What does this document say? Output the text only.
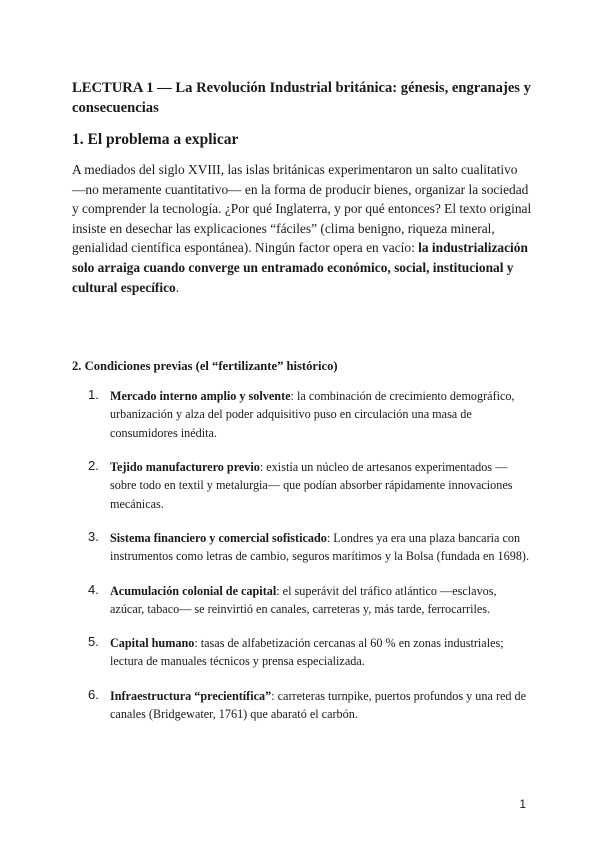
LECTURA 1 — La Revolución Industrial británica: génesis, engranajes y consecuencias

1. El problema a explicar

A mediados del siglo XVIII, las islas británicas experimentaron un salto cualitativo —no meramente cuantitativo— en la forma de producir bienes, organizar la sociedad y comprender la tecnología. ¿Por qué Inglaterra, y por qué entonces? El texto original insiste en desechar las explicaciones “fáciles” (clima benigno, riqueza mineral, genialidad científica espontánea). Ningún factor opera en vacío: la industrialización solo arraiga cuando converge un entramado económico, social, institucional y cultural específico.

2. Condiciones previas (el “fertilizante” histórico)

1. Mercado interno amplio y solvente: la combinación de crecimiento demográfico, urbanización y alza del poder adquisitivo puso en circulación una masa de consumidores inédita.
2. Tejido manufacturero previo: existía un núcleo de artesanos experimentados —sobre todo en textil y metalurgia— que podían absorber rápidamente innovaciones mecánicas.
3. Sistema financiero y comercial sofisticado: Londres ya era una plaza bancaria con instrumentos como letras de cambio, seguros marítimos y la Bolsa (fundada en 1698).
4. Acumulación colonial de capital: el superávit del tráfico atlántico —esclavos, azúcar, tabaco— se reinvirtió en canales, carreteras y, más tarde, ferrocarriles.
5. Capital humano: tasas de alfabetización cercanas al 60 % en zonas industriales; lectura de manuales técnicos y prensa especializada.
6. Infraestructura “precientífica”: carreteras turnpike, puertos profundos y una red de canales (Bridgewater, 1761) que abarató el carbón.
1
